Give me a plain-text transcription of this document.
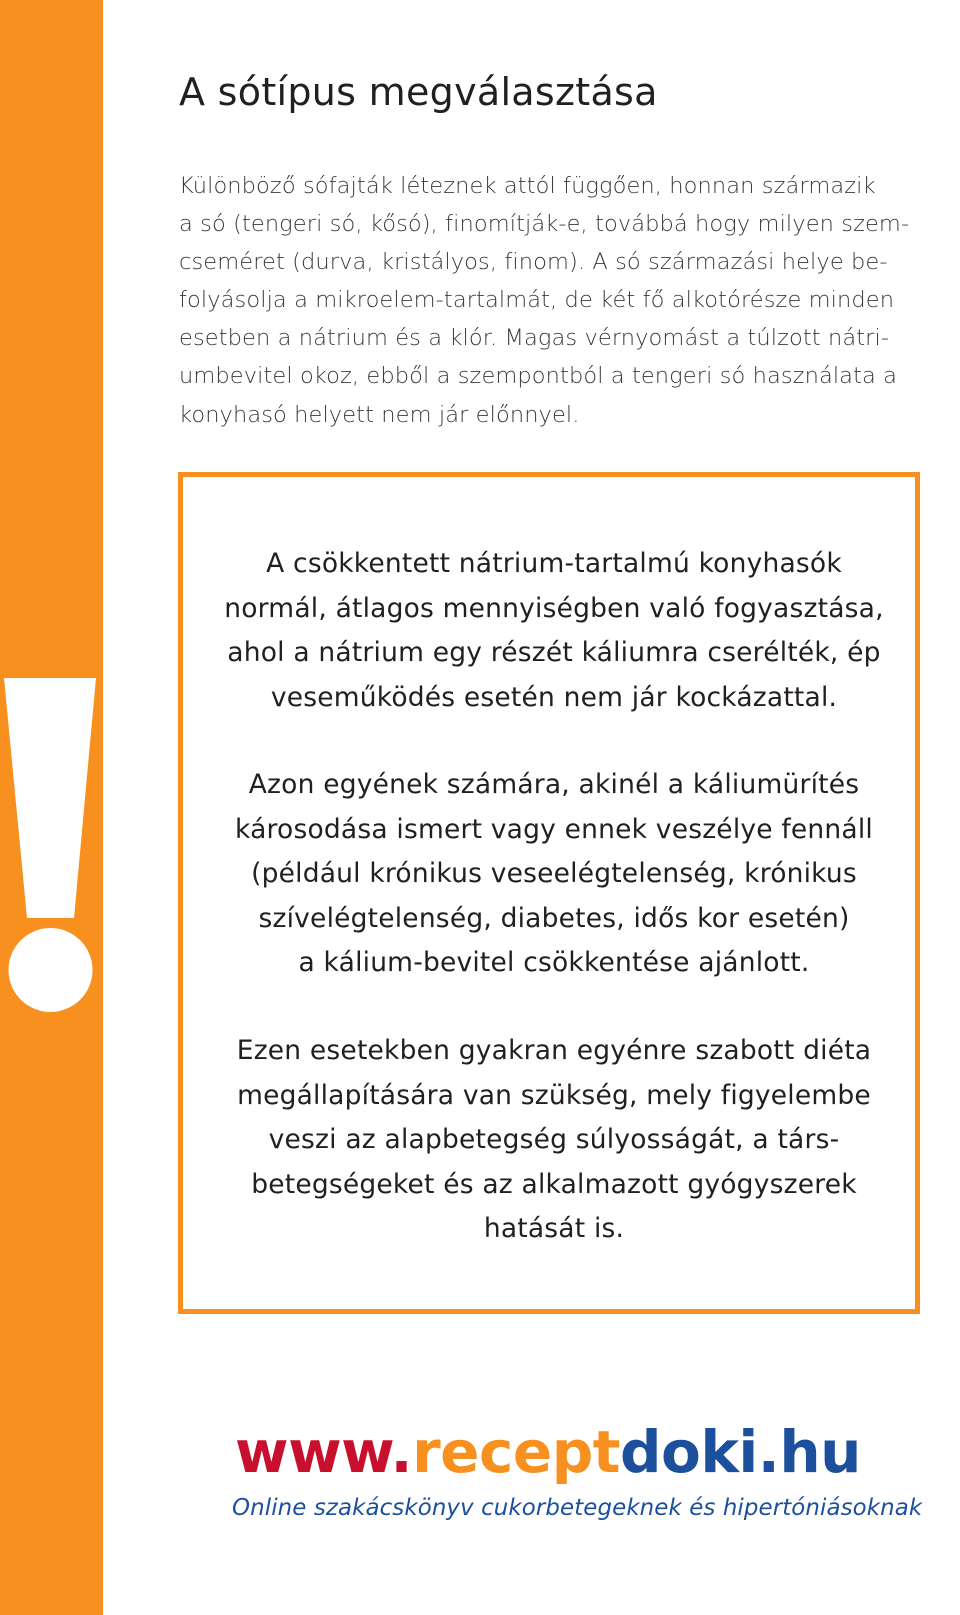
A sótípus megválasztása
Különböző sófajták léteznek attól függően, honnan származik
a só (tengeri só, kősó), finomítják-e, továbbá hogy milyen szem-
cseméret (durva, kristályos, finom). A só származási helye be-
folyásolja a mikroelem-tartalmát, de két fő alkotórésze minden
esetben a nátrium és a klór. Magas vérnyomást a túlzott nátri-
umbevitel okoz, ebből a szempontból a tengeri só használata a
konyhasó helyett nem jár előnnyel.
A csökkentett nátrium-tartalmú konyhasók
normál, átlagos mennyiségben való fogyasztása,
ahol a nátrium egy részét káliumra cserélték, ép
veseműködés esetén nem jár kockázattal.
Azon egyének számára, akinél a káliumürítés
károsodása ismert vagy ennek veszélye fennáll
(például krónikus veseelégtelenség, krónikus
szívelégtelenség, diabetes, idős kor esetén)
a kálium-bevitel csökkentése ajánlott.
Ezen esetekben gyakran egyénre szabott diéta
megállapítására van szükség, mely figyelembe
veszi az alapbetegség súlyosságát, a társ-
betegségeket és az alkalmazott gyógyszerek
hatását is.
www.receptdoki.hu
Online szakácskönyv cukorbetegeknek és hipertóniásoknak
